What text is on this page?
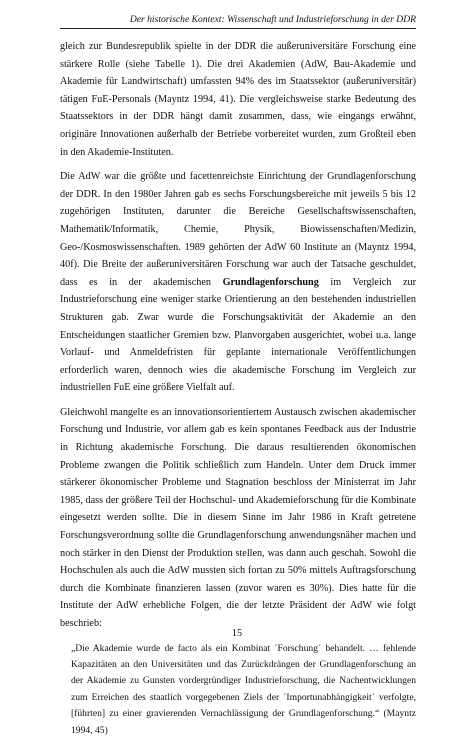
Der historische Kontext: Wissenschaft und Industrieforschung in der DDR

gleich zur Bundesrepublik spielte in der DDR die außeruniversitäre Forschung eine stärkere Rolle (siehe Tabelle 1). Die drei Akademien (AdW, Bau-Akademie und Akademie für Landwirtschaft) umfassten 94% des im Staatssektor (außeruniversitär) tätigen FuE-Personals (Mayntz 1994, 41). Die vergleichsweise starke Bedeutung des Staatssektors in der DDR hängt damit zusammen, dass, wie eingangs erwähnt, originäre Innovationen außerhalb der Betriebe vorbereitet wurden, zum Großteil eben in den Akademie-Instituten.

Die AdW war die größte und facettenreichste Einrichtung der Grundlagenforschung der DDR. In den 1980er Jahren gab es sechs Forschungsbereiche mit jeweils 5 bis 12 zugehörigen Instituten, darunter die Bereiche Gesellschaftswissenschaften, Mathematik/Informatik, Chemie, Physik, Biowissenschaften/Medizin, Geo-/Kosmoswissenschaften. 1989 gehörten der AdW 60 Institute an (Mayntz 1994, 40f). Die Breite der außeruniversitären Forschung war auch der Tatsache geschuldet, dass es in der akademischen Grundlagenforschung im Vergleich zur Industrieforschung eine weniger starke Orientierung an den bestehenden industriellen Strukturen gab. Zwar wurde die Forschungsaktivität der Akademie an den Entscheidungen staatlicher Gremien bzw. Planvorgaben ausgerichtet, wobei u.a. lange Vorlauf- und Anmeldefristen für geplante internationale Veröffentlichungen erforderlich waren, dennoch wies die akademische Forschung im Vergleich zur industriellen FuE eine größere Vielfalt auf.

Gleichwohl mangelte es an innovationsorientiertem Austausch zwischen akademischer Forschung und Industrie, vor allem gab es kein spontanes Feedback aus der Industrie in Richtung akademische Forschung. Die daraus resultierenden ökonomischen Probleme zwangen die Politik schließlich zum Handeln. Unter dem Druck immer stärkerer ökonomischer Probleme und Stagnation beschloss der Ministerrat im Jahr 1985, dass der größere Teil der Hochschul- und Akademieforschung für die Kombinate eingesetzt werden sollte. Die in diesem Sinne im Jahr 1986 in Kraft getretene Forschungsverordnung sollte die Grundlagenforschung anwendungsnäher machen und noch stärker in den Dienst der Produktion stellen, was dann auch geschah. Sowohl die Hochschulen als auch die AdW mussten sich fortan zu 50% mittels Auftragsforschung durch die Kombinate finanzieren lassen (zuvor waren es 30%). Dies hatte für die Institute der AdW erhebliche Folgen, die der letzte Präsident der AdW wie folgt beschrieb:

„Die Akademie wurde de facto als ein Kombinat ´Forschung´ behandelt. … fehlende Kapazitäten an den Universitäten und das Zurückdrängen der Grundlagenforschung an der Akademie zu Gunsten vordergründiger Industrieforschung, die Nachentwicklungen zum Erreichen des staatlich vorgegebenen Ziels der ´Importunabhängigkeit´ verfolgte, [führten] zu einer gravierenden Vernachlässigung der Grundlagenforschung.“ (Mayntz 1994, 45)

15
